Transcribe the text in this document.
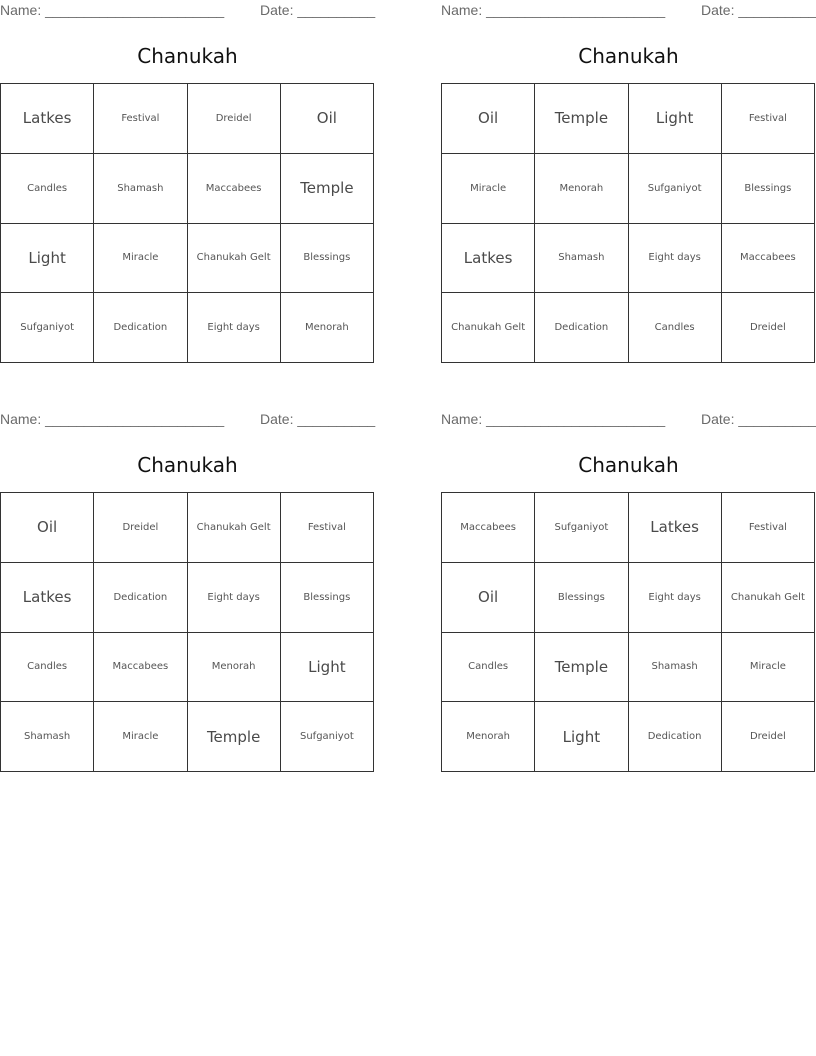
Name: _______________________	Date: __________
Chanukah
Latkes	Festival	Dreidel	Oil
Candles	Shamash	Maccabees	Temple
Light	Miracle	Chanukah Gelt	Blessings
Sufganiyot	Dedication	Eight days	Menorah
Name: _______________________	Date: __________
Chanukah
Oil	Temple	Light	Festival
Miracle	Menorah	Sufganiyot	Blessings
Latkes	Shamash	Eight days	Maccabees
Chanukah Gelt	Dedication	Candles	Dreidel
Name: _______________________	Date: __________
Chanukah
Oil	Dreidel	Chanukah Gelt	Festival
Latkes	Dedication	Eight days	Blessings
Candles	Maccabees	Menorah	Light
Shamash	Miracle	Temple	Sufganiyot
Name: _______________________	Date: __________
Chanukah
Maccabees	Sufganiyot	Latkes	Festival
Oil	Blessings	Eight days	Chanukah Gelt
Candles	Temple	Shamash	Miracle
Menorah	Light	Dedication	Dreidel
